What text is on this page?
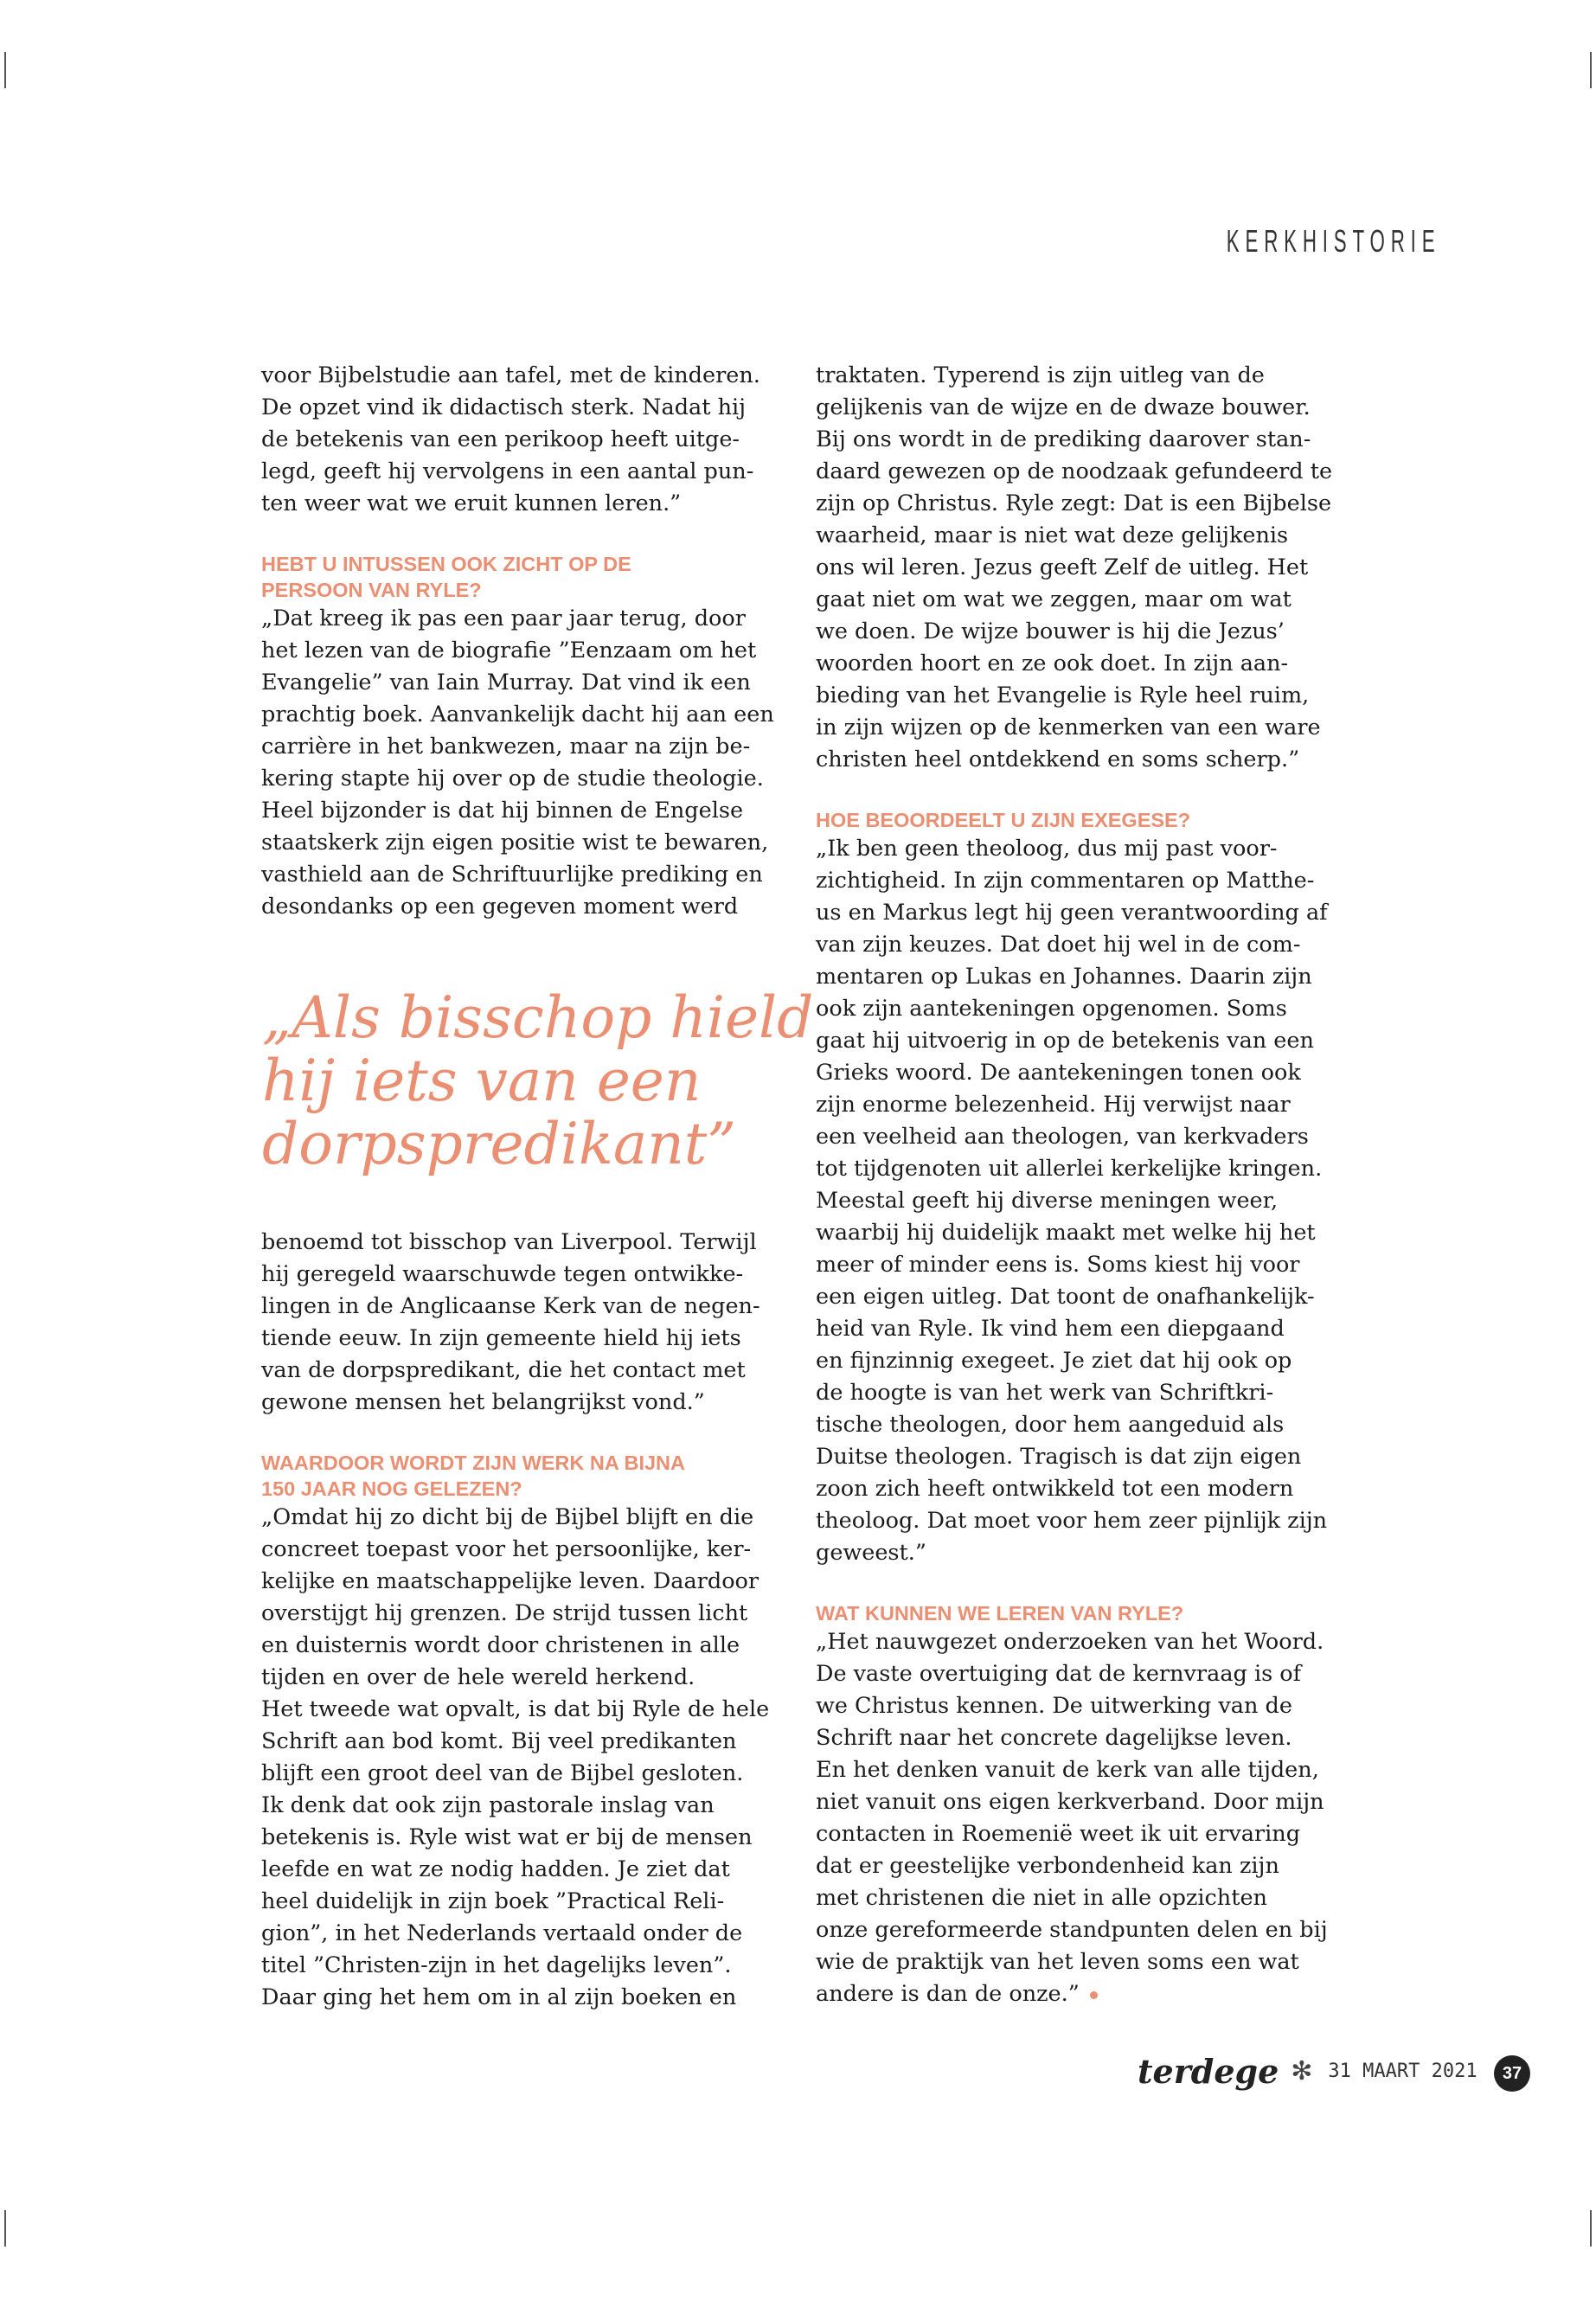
KERKHISTORIE

voor Bijbelstudie aan tafel, met de kinderen.

De opzet vind ik didactisch sterk. Nadat hij

de betekenis van een perikoop heeft uitge-

legd, geeft hij vervolgens in een aantal pun-

ten weer wat we eruit kunnen leren.”

HEBT U INTUSSEN OOK ZICHT OP DE
PERSOON VAN RYLE?

„Dat kreeg ik pas een paar jaar terug, door

het lezen van de biografie ”Eenzaam om het

Evangelie” van Iain Murray. Dat vind ik een

prachtig boek. Aanvankelijk dacht hij aan een

carrière in het bankwezen, maar na zijn be-

kering stapte hij over op de studie theologie.

Heel bijzonder is dat hij binnen de Engelse

staatskerk zijn eigen positie wist te bewaren,

vasthield aan de Schriftuurlijke prediking en

desondanks op een gegeven moment werd

„Als bisschop hield
hij iets van een
dorpspredikant”

benoemd tot bisschop van Liverpool. Terwijl

hij geregeld waarschuwde tegen ontwikke-

lingen in de Anglicaanse Kerk van de negen-

tiende eeuw. In zijn gemeente hield hij iets

van de dorpspredikant, die het contact met

gewone mensen het belangrijkst vond.”

WAARDOOR WORDT ZIJN WERK NA BIJNA
150 JAAR NOG GELEZEN?

„Omdat hij zo dicht bij de Bijbel blijft en die

concreet toepast voor het persoonlijke, ker-

kelijke en maatschappelijke leven. Daardoor

overstijgt hij grenzen. De strijd tussen licht

en duisternis wordt door christenen in alle

tijden en over de hele wereld herkend.

Het tweede wat opvalt, is dat bij Ryle de hele

Schrift aan bod komt. Bij veel predikanten

blijft een groot deel van de Bijbel gesloten.

Ik denk dat ook zijn pastorale inslag van

betekenis is. Ryle wist wat er bij de mensen

leefde en wat ze nodig hadden. Je ziet dat

heel duidelijk in zijn boek ”Practical Reli-

gion”, in het Nederlands vertaald onder de

titel ”Christen-zijn in het dagelijks leven”.

Daar ging het hem om in al zijn boeken en

traktaten. Typerend is zijn uitleg van de

gelijkenis van de wijze en de dwaze bouwer.

Bij ons wordt in de prediking daarover stan-

daard gewezen op de noodzaak gefundeerd te

zijn op Christus. Ryle zegt: Dat is een Bijbelse

waarheid, maar is niet wat deze gelijkenis

ons wil leren. Jezus geeft Zelf de uitleg. Het

gaat niet om wat we zeggen, maar om wat

we doen. De wijze bouwer is hij die Jezus’

woorden hoort en ze ook doet. In zijn aan-

bieding van het Evangelie is Ryle heel ruim,

in zijn wijzen op de kenmerken van een ware

christen heel ontdekkend en soms scherp.”

HOE BEOORDEELT U ZIJN EXEGESE?

„Ik ben geen theoloog, dus mij past voor-

zichtigheid. In zijn commentaren op Matthe-

us en Markus legt hij geen verantwoording af

van zijn keuzes. Dat doet hij wel in de com-

mentaren op Lukas en Johannes. Daarin zijn

ook zijn aantekeningen opgenomen. Soms

gaat hij uitvoerig in op de betekenis van een

Grieks woord. De aantekeningen tonen ook

zijn enorme belezenheid. Hij verwijst naar

een veelheid aan theologen, van kerkvaders

tot tijdgenoten uit allerlei kerkelijke kringen.

Meestal geeft hij diverse meningen weer,

waarbij hij duidelijk maakt met welke hij het

meer of minder eens is. Soms kiest hij voor

een eigen uitleg. Dat toont de onafhankelijk-

heid van Ryle. Ik vind hem een diepgaand

en fijnzinnig exegeet. Je ziet dat hij ook op

de hoogte is van het werk van Schriftkri-

tische theologen, door hem aangeduid als

Duitse theologen. Tragisch is dat zijn eigen

zoon zich heeft ontwikkeld tot een modern

theoloog. Dat moet voor hem zeer pijnlijk zijn

geweest.”

WAT KUNNEN WE LEREN VAN RYLE?

„Het nauwgezet onderzoeken van het Woord.

De vaste overtuiging dat de kernvraag is of

we Christus kennen. De uitwerking van de

Schrift naar het concrete dagelijkse leven.

En het denken vanuit de kerk van alle tijden,

niet vanuit ons eigen kerkverband. Door mijn

contacten in Roemenië weet ik uit ervaring

dat er geestelijke verbondenheid kan zijn

met christenen die niet in alle opzichten

onze gereformeerde standpunten delen en bij

wie de praktijk van het leven soms een wat

andere is dan de onze.”

terdege ✻ 31 MAART 2021	37
